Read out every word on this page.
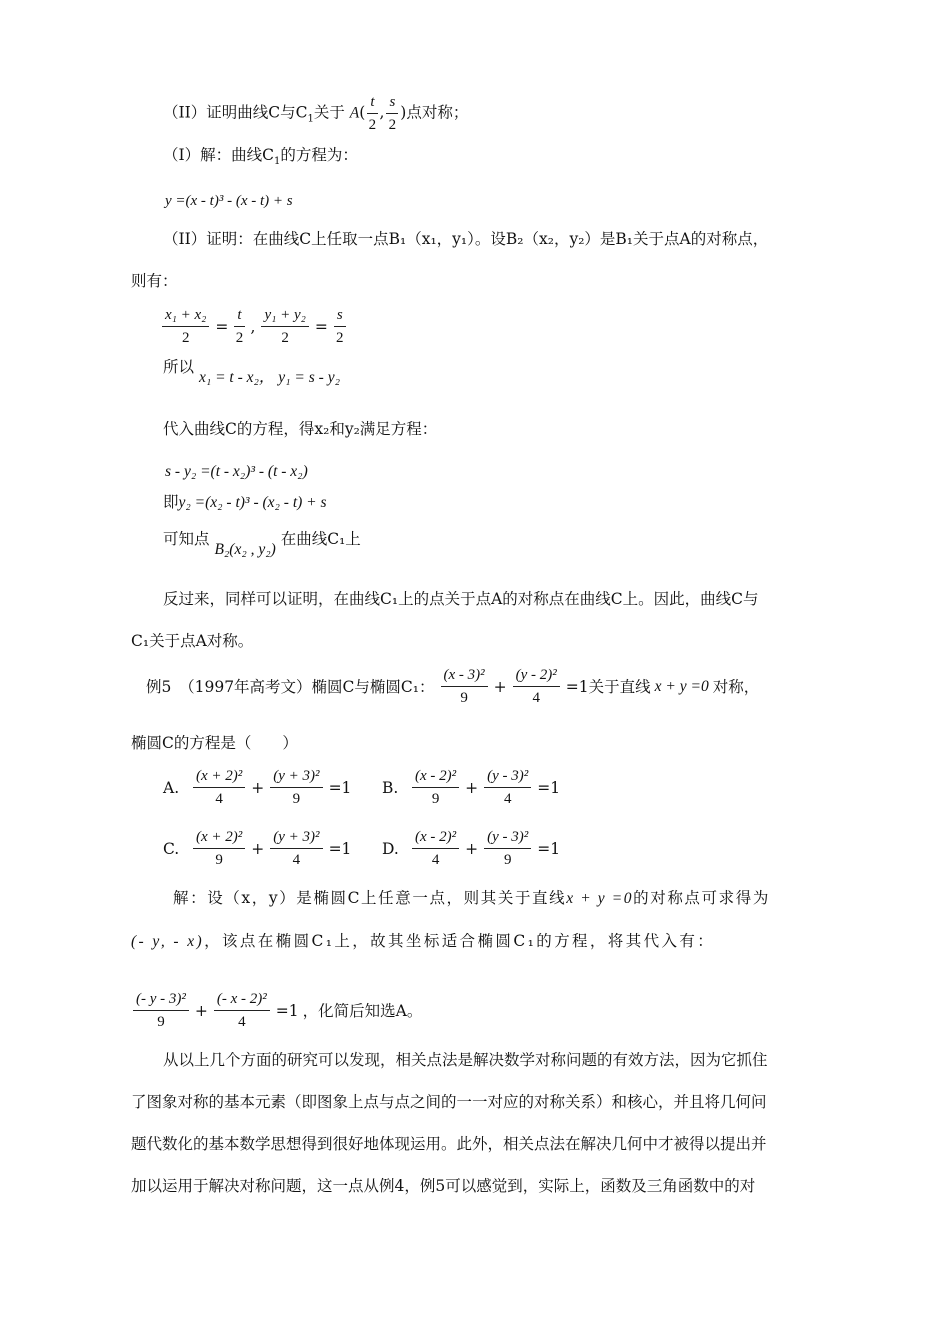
（II）证明曲线C与$C_1$关于 $A( \frac{t}{2}$ , $\frac{s}{2}$ )点对称；
（I）解：曲线$C_1$的方程为：
y =(x - t)³ - (x - t) + s
（II）证明：在曲线C上任取一点B₁（x₁，y₁）。设B₂（x₂，y₂）是B₁关于点A的对称点，
则有：
$\frac{\text{x₁ + x₂}}{2} = \frac{t}{2}$ , $\frac{\text{y₁ + y₂}}{2} = \frac{s}{2}$
所以 x₁ = t - x₂， y₁ = s - y₂
代入曲线C的方程，得x₂和y₂满足方程：
s - y₂ =(t - x₂)³ - (t - x₂)
即y₂ =(x₂ - t)³ - (x₂ - t) + s
可知点 B₂(x₂ , y₂) 在曲线C₁上
反过来，同样可以证明，在曲线C₁上的点关于点A的对称点在曲线C上。因此，曲线C与
C₁关于点A对称。
例5　（1997年高考文）椭圆C与椭圆C₁：
(x - 3)²
9
+ $\frac{\text{(y - 2)²}}{4} =1$关于直线 x + y =0 对称，
椭圆C的方程是（　　）
A.
(x + 2)²
4
+ $\frac{\text{(y + 3)²}}{9} =1$ B.
(x - 2)²
9
+ $\frac{\text{(y - 3)²}}{4} =1$
C.
(x + 2)²
9
+ $\frac{\text{(y + 3)²}}{4} =1$ D.
(x - 2)²
4
+ $\frac{\text{(y - 3)²}}{9} =1$
解：设（x，y）是椭圆C上任意一点，则其关于直线x + y =0的对称点可求得为
(- y, - x)，该点在椭圆C₁上，故其坐标适合椭圆C₁的方程，将其代入有：
(- y - 3)²
9
+ $\frac{\text{(- x - 2)²}}{4} =1$ ，化简后知选A。
从以上几个方面的研究可以发现，相关点法是解决数学对称问题的有效方法，因为它抓住
了图象对称的基本元素（即图象上点与点之间的一一对应的对称关系）和核心，并且将几何问
题代数化的基本数学思想得到很好地体现运用。此外，相关点法在解决几何中才被得以提出并
加以运用于解决对称问题，这一点从例4，例5可以感觉到，实际上，函数及三角函数中的对
